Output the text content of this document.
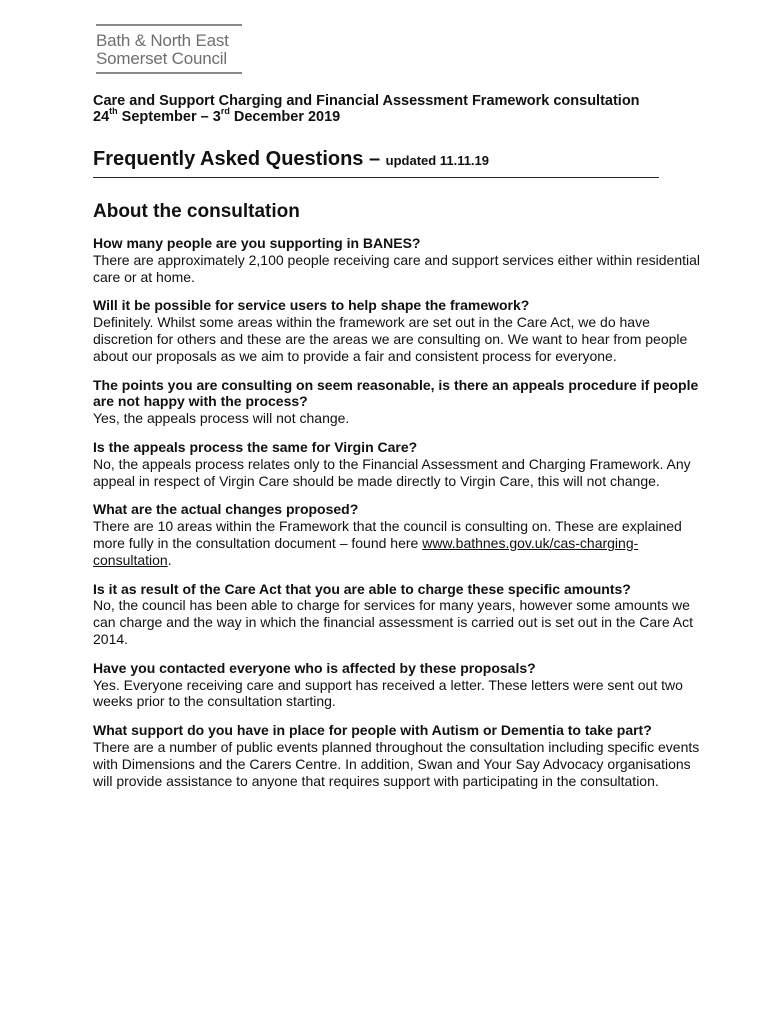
Bath & North East
Somerset Council

Care and Support Charging and Financial Assessment Framework consultation

24th September – 3rd December 2019

Frequently Asked Questions – updated 11.11.19
About the consultation
How many people are you supporting in BANES?
There are approximately 2,100 people receiving care and support services either within residential care or at home.
Will it be possible for service users to help shape the framework?
Definitely. Whilst some areas within the framework are set out in the Care Act, we do have discretion for others and these are the areas we are consulting on. We want to hear from people about our proposals as we aim to provide a fair and consistent process for everyone.
The points you are consulting on seem reasonable, is there an appeals procedure if people are not happy with the process?
Yes, the appeals process will not change.
Is the appeals process the same for Virgin Care?
No, the appeals process relates only to the Financial Assessment and Charging Framework. Any appeal in respect of Virgin Care should be made directly to Virgin Care, this will not change.
What are the actual changes proposed?
There are 10 areas within the Framework that the council is consulting on. These are explained more fully in the consultation document – found here www.bathnes.gov.uk/cas-charging-consultation.
Is it as result of the Care Act that you are able to charge these specific amounts?
No, the council has been able to charge for services for many years, however some amounts we can charge and the way in which the financial assessment is carried out is set out in the Care Act 2014.
Have you contacted everyone who is affected by these proposals?
Yes. Everyone receiving care and support has received a letter. These letters were sent out two weeks prior to the consultation starting.
What support do you have in place for people with Autism or Dementia to take part?
There are a number of public events planned throughout the consultation including specific events with Dimensions and the Carers Centre. In addition, Swan and Your Say Advocacy organisations will provide assistance to anyone that requires support with participating in the consultation.
